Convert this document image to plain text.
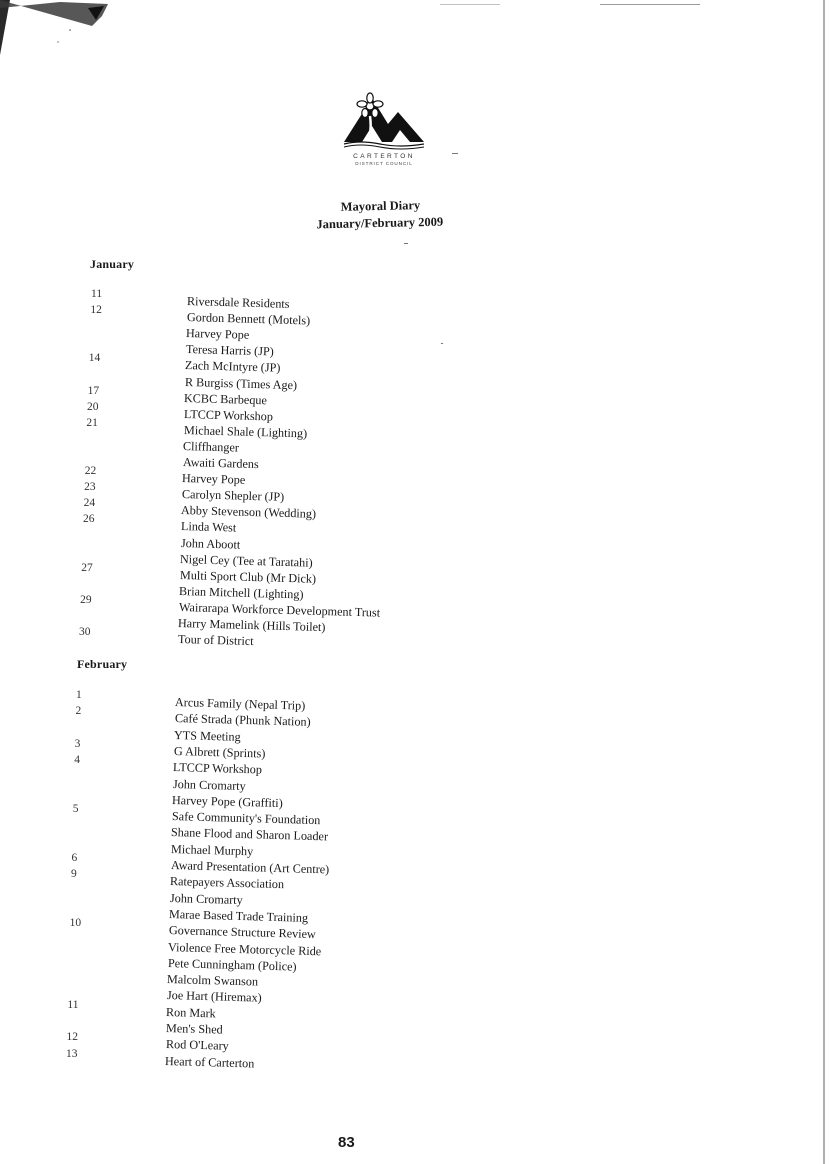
CARTERTON
DISTRICT COUNCIL
Mayoral Diary
January/February 2009
January
February
Riversdale Residents
11
Gordon Bennett (Motels)
12
Harvey Pope
Teresa Harris (JP)
Zach McIntyre (JP)
14
R Burgiss (Times Age)
KCBC Barbeque
17
LTCCP Workshop
20
Michael Shale (Lighting)
21
Cliffhanger
Awaiti Gardens
Harvey Pope
22
Carolyn Shepler (JP)
23
Abby Stevenson (Wedding)
24
Linda West
26
John Aboott
Nigel Cey (Tee at Taratahi)
Multi Sport Club (Mr Dick)
27
Brian Mitchell (Lighting)
Wairarapa Workforce Development Trust
29
Harry Mamelink (Hills Toilet)
Tour of District
30
Arcus Family (Nepal Trip)
1
Café Strada (Phunk Nation)
2
YTS Meeting
G Albrett (Sprints)
3
LTCCP Workshop
4
John Cromarty
Harvey Pope (Graffiti)
Safe Community's Foundation
5
Shane Flood and Sharon Loader
Michael Murphy
Award Presentation (Art Centre)
6
Ratepayers Association
9
John Cromarty
Marae Based Trade Training
Governance Structure Review
10
Violence Free Motorcycle Ride
Pete Cunningham (Police)
Malcolm Swanson
Joe Hart (Hiremax)
Ron Mark
11
Men's Shed
Rod O'Leary
12
Heart of Carterton
13
83
